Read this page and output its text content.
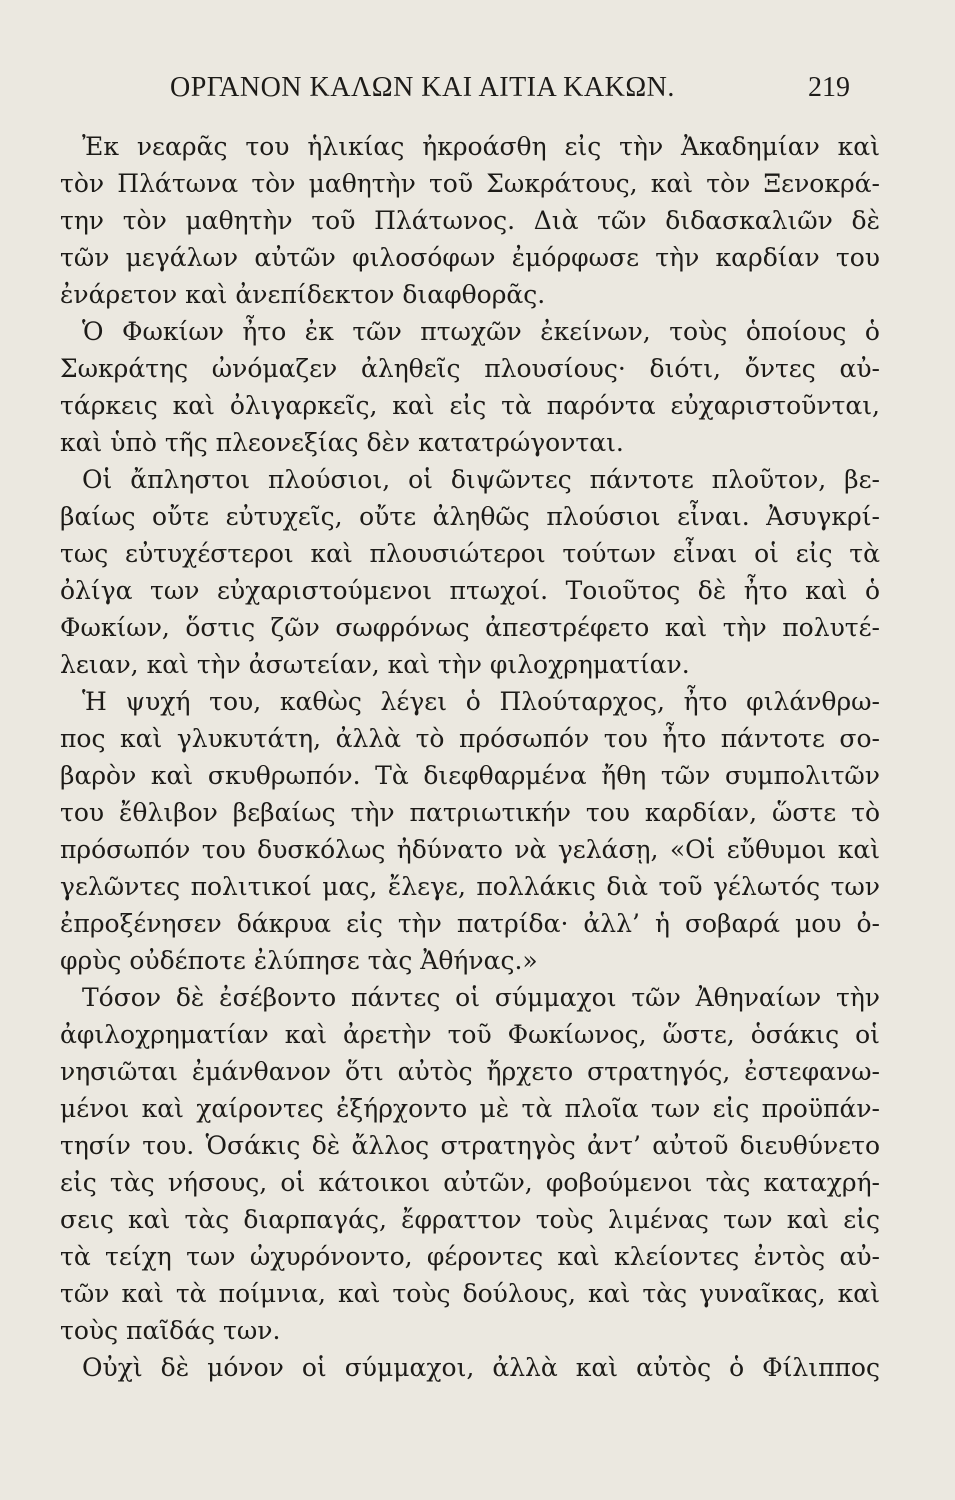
ΟΡΓΑΝΟΝ ΚΑΛΩΝ ΚΑΙ ΑΙΤΙΑ ΚΑΚΩΝ.	219
Ἐκ νεαρᾶς του ἡλικίας ἠκροάσθη εἰς τὴν Ἀκαδημίαν καὶ
τὸν Πλάτωνα τὸν μαθητὴν τοῦ Σωκράτους, καὶ τὸν Ξενοκρά-
την τὸν μαθητὴν τοῦ Πλάτωνος. Διὰ τῶν διδασκαλιῶν δὲ
τῶν μεγάλων αὐτῶν φιλοσόφων ἐμόρφωσε τὴν καρδίαν του
ἐνάρετον καὶ ἀνεπίδεκτον διαφθορᾶς.
Ὁ Φωκίων ἦτο ἐκ τῶν πτωχῶν ἐκείνων, τοὺς ὁποίους ὁ
Σωκράτης ὠνόμαζεν ἀληθεῖς πλουσίους· διότι, ὄντες αὐ-
τάρκεις καὶ ὀλιγαρκεῖς, καὶ εἰς τὰ παρόντα εὐχαριστοῦνται,
καὶ ὑπὸ τῆς πλεονεξίας δὲν κατατρώγονται.
Οἱ ἄπληστοι πλούσιοι, οἱ διψῶντες πάντοτε πλοῦτον, βε-
βαίως οὔτε εὐτυχεῖς, οὔτε ἀληθῶς πλούσιοι εἶναι. Ἀσυγκρί-
τως εὐτυχέστεροι καὶ πλουσιώτεροι τούτων εἶναι οἱ εἰς τὰ
ὀλίγα των εὐχαριστούμενοι πτωχοί. Τοιοῦτος δὲ ἦτο καὶ ὁ
Φωκίων, ὅστις ζῶν σωφρόνως ἀπεστρέφετο καὶ τὴν πολυτέ-
λειαν, καὶ τὴν ἀσωτείαν, καὶ τὴν φιλοχρηματίαν.
Ἡ ψυχή του, καθὼς λέγει ὁ Πλούταρχος, ἦτο φιλάνθρω-
πος καὶ γλυκυτάτη, ἀλλὰ τὸ πρόσωπόν του ἦτο πάντοτε σο-
βαρὸν καὶ σκυθρωπόν. Τὰ διεφθαρμένα ἤθη τῶν συμπολιτῶν
του ἔθλιβον βεβαίως τὴν πατριωτικήν του καρδίαν, ὥστε τὸ
πρόσωπόν του δυσκόλως ἠδύνατο νὰ γελάσῃ, «Οἱ εὔθυμοι καὶ
γελῶντες πολιτικοί μας, ἔλεγε, πολλάκις διὰ τοῦ γέλωτός των
ἐπροξένησεν δάκρυα εἰς τὴν πατρίδα· ἀλλ’ ἡ σοβαρά μου ὀ-
φρὺς οὐδέποτε ἐλύπησε τὰς Ἀθήνας.»
Τόσον δὲ ἐσέβοντο πάντες οἱ σύμμαχοι τῶν Ἀθηναίων τὴν
ἀφιλοχρηματίαν καὶ ἀρετὴν τοῦ Φωκίωνος, ὥστε, ὁσάκις οἱ
νησιῶται ἐμάνθανον ὅτι αὐτὸς ἤρχετο στρατηγός, ἐστεφανω-
μένοι καὶ χαίροντες ἐξήρχοντο μὲ τὰ πλοῖα των εἰς προϋπάν-
τησίν του. Ὁσάκις δὲ ἄλλος στρατηγὸς ἀντ’ αὐτοῦ διευθύνετο
εἰς τὰς νήσους, οἱ κάτοικοι αὐτῶν, φοβούμενοι τὰς καταχρή-
σεις καὶ τὰς διαρπαγάς, ἔφραττον τοὺς λιμένας των καὶ εἰς
τὰ τείχη των ὠχυρόνοντο, φέροντες καὶ κλείοντες ἐντὸς αὐ-
τῶν καὶ τὰ ποίμνια, καὶ τοὺς δούλους, καὶ τὰς γυναῖκας, καὶ
τοὺς παῖδάς των.
Οὐχὶ δὲ μόνον οἱ σύμμαχοι, ἀλλὰ καὶ αὐτὸς ὁ Φίλιππος
